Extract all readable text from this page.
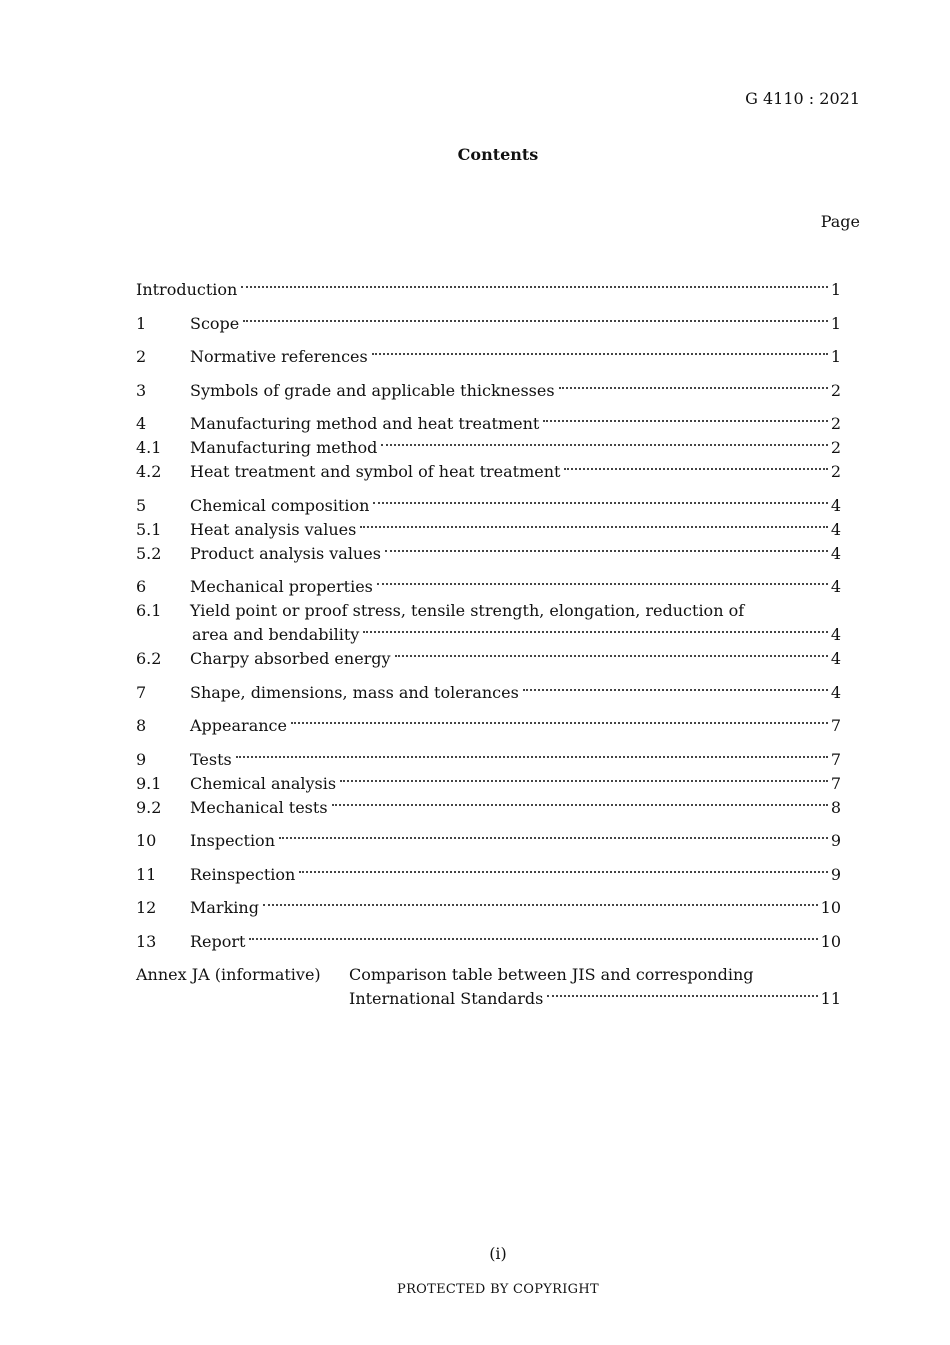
G 4110 : 2021
Contents
Page
Introduction	1
1	Scope	1
2	Normative references	1
3	Symbols of grade and applicable thicknesses	2
4	Manufacturing method and heat treatment	2
4.1	Manufacturing method	2
4.2	Heat treatment and symbol of heat treatment	2
5	Chemical composition	4
5.1	Heat analysis values	4
5.2	Product analysis values	4
6	Mechanical properties	4
6.1	Yield point or proof stress, tensile strength, elongation, reduction of
area and bendability	4
6.2	Charpy absorbed energy	4
7	Shape, dimensions, mass and tolerances	4
8	Appearance	7
9	Tests	7
9.1	Chemical analysis	7
9.2	Mechanical tests	8
10	Inspection	9
11	Reinspection	9
12	Marking	10
13	Report	10
Annex JA (informative)	Comparison table between JIS and corresponding
International Standards	11
(i)
PROTECTED BY COPYRIGHT
